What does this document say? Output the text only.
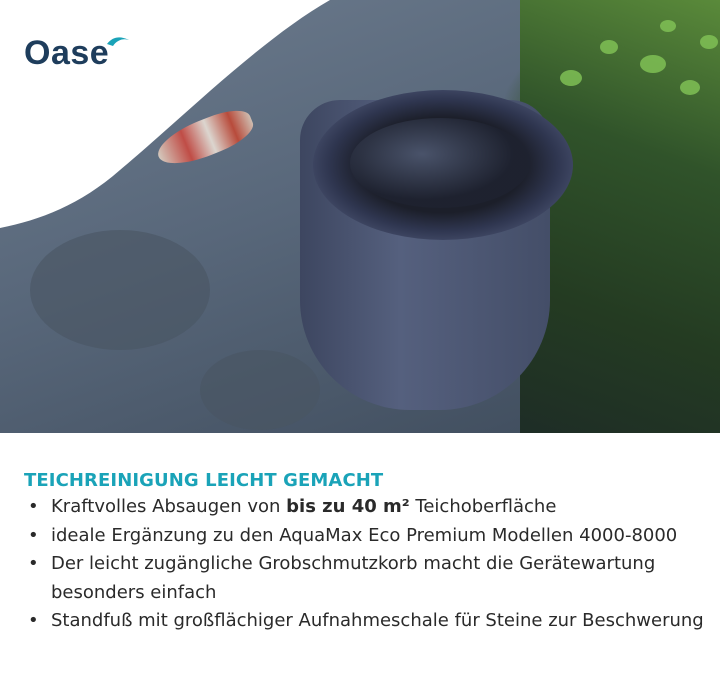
Oase
TEICHREINIGUNG LEICHT GEMACHT
• Kraftvolles Absaugen von bis zu 40 m² Teichoberfläche
• ideale Ergänzung zu den AquaMax Eco Premium Modellen 4000-8000
• Der leicht zugängliche Grobschmutzkorb macht die Gerätewartung besonders einfach
• Standfuß mit großflächiger Aufnahmeschale für Steine zur Beschwerung
